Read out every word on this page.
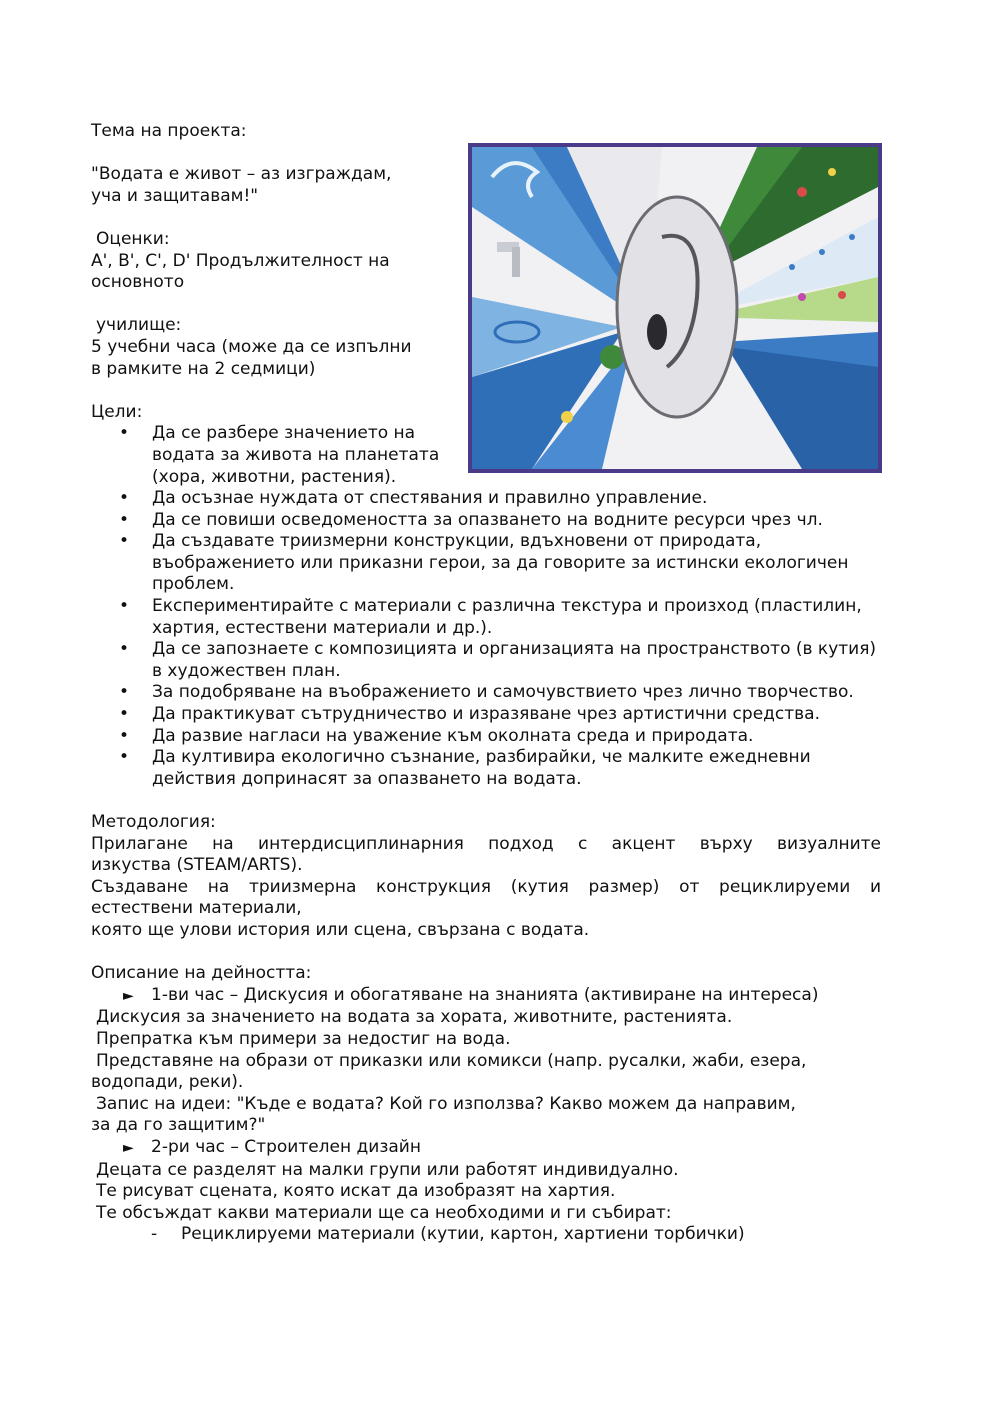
Тема на проекта:

"Водата е живот – аз изграждам,

уча и защитавам!"

Оценки:

A', B', C', D' Продължителност на

основното

училище:

5 учебни часа (може да се изпълни

в рамките на 2 седмици)

Цели:

• Да се разбере значението на водата за живота на планетата (хора, животни, растения).
• Да осъзнае нуждата от спестявания и правилно управление.
• Да се повиши осведомеността за опазването на водните ресурси чрез чл.
• Да създавате триизмерни конструкции, вдъхновени от природата, въображението или приказни герои, за да говорите за истински екологичен проблем.
• Експериментирайте с материали с различна текстура и произход (пластилин, хартия, естествени материали и др.).
• Да се запознаете с композицията и организацията на пространството (в кутия) в художествен план.
• За подобряване на въображението и самочувствието чрез лично творчество.
• Да практикуват сътрудничество и изразяване чрез артистични средства.
• Да развие нагласи на уважение към околната среда и природата.
• Да култивира екологично съзнание, разбирайки, че малките ежедневни действия допринасят за опазването на водата.

Методология:

Прилагане на интердисциплинарния подход с акцент върху визуалните

изкуства (STEAM/ARTS).

Създаване на триизмерна конструкция (кутия размер) от рециклируеми и

естествени материали,

която ще улови история или сцена, свързана с водата.

Описание на дейността:

► 1-ви час – Дискусия и обогатяване на знанията (активиране на интереса)

Дискусия за значението на водата за хората, животните, растенията.

Препратка към примери за недостиг на вода.

Представяне на образи от приказки или комикси (напр. русалки, жаби, езера,

водопади, реки).

Запис на идеи: "Къде е водата? Кой го използва? Какво можем да направим,

за да го защитим?"

► 2-ри час – Строителен дизайн

Децата се разделят на малки групи или работят индивидуално.

Те рисуват сцената, която искат да изобразят на хартия.

Те обсъждат какви материали ще са необходими и ги събират:

- Рециклируеми материали (кутии, картон, хартиени торбички)
